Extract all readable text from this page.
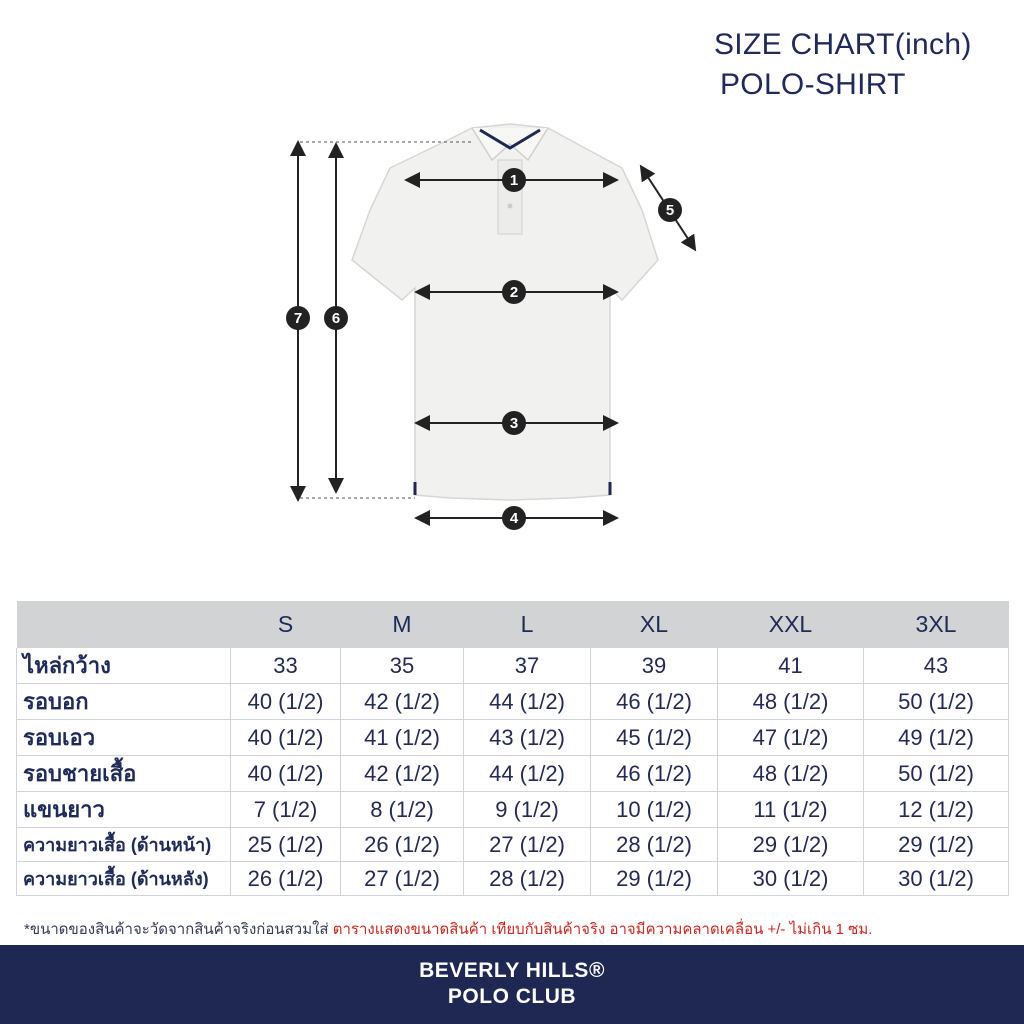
SIZE CHART(inch)
POLO-SHIRT
1
2
3
4
5
6
7
	S	M	L	XL	XXL	3XL
ไหล่กว้าง	33	35	37	39	41	43
รอบอก	40 (1/2)	42 (1/2)	44 (1/2)	46 (1/2)	48 (1/2)	50 (1/2)
รอบเอว	40 (1/2)	41 (1/2)	43 (1/2)	45 (1/2)	47 (1/2)	49 (1/2)
รอบชายเสื้อ	40 (1/2)	42 (1/2)	44 (1/2)	46 (1/2)	48 (1/2)	50 (1/2)
แขนยาว	7 (1/2)	8 (1/2)	9 (1/2)	10 (1/2)	11 (1/2)	12 (1/2)
ความยาวเสื้อ (ด้านหน้า)	25 (1/2)	26 (1/2)	27 (1/2)	28 (1/2)	29 (1/2)	29 (1/2)
ความยาวเสื้อ (ด้านหลัง)	26 (1/2)	27 (1/2)	28 (1/2)	29 (1/2)	30 (1/2)	30 (1/2)
*ขนาดของสินค้าจะวัดจากสินค้าจริงก่อนสวมใส่ ตารางแสดงขนาดสินค้า เทียบกับสินค้าจริง อาจมีความคลาดเคลื่อน +/- ไม่เกิน 1 ซม.
BEVERLY HILLS®
POLO CLUB
